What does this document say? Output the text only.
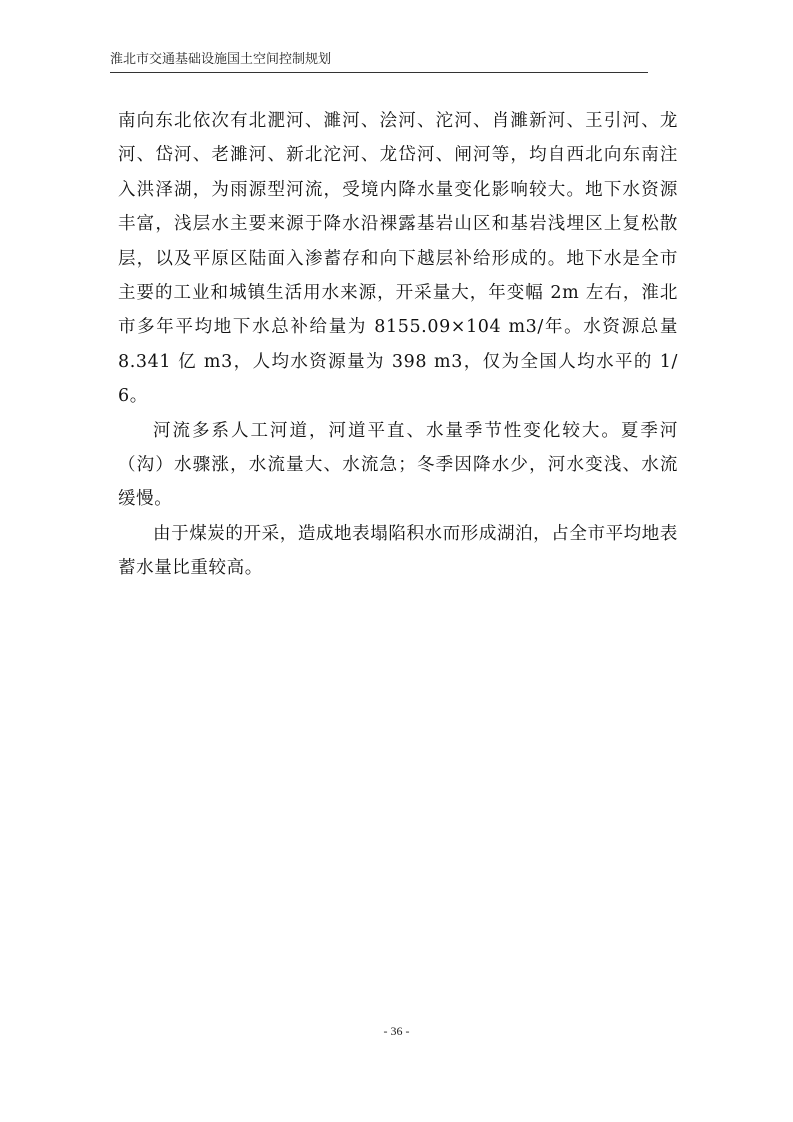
淮北市交通基础设施国土空间控制规划

南向东北依次有北淝河、濉河、浍河、沱河、肖濉新河、王引河、龙河、岱河、老濉河、新北沱河、龙岱河、闸河等，均自西北向东南注入洪泽湖，为雨源型河流，受境内降水量变化影响较大。地下水资源丰富，浅层水主要来源于降水沿裸露基岩山区和基岩浅埋区上复松散层，以及平原区陆面入渗蓄存和向下越层补给形成的。地下水是全市主要的工业和城镇生活用水来源，开采量大，年变幅 2m 左右，淮北市多年平均地下水总补给量为 8155.09×104 m3/年。水资源总量 8.341 亿 m3，人均水资源量为 398 m3，仅为全国人均水平的 1/6。

河流多系人工河道，河道平直、水量季节性变化较大。夏季河（沟）水骤涨，水流量大、水流急；冬季因降水少，河水变浅、水流缓慢。

由于煤炭的开采，造成地表塌陷积水而形成湖泊，占全市平均地表蓄水量比重较高。

- 36 -
